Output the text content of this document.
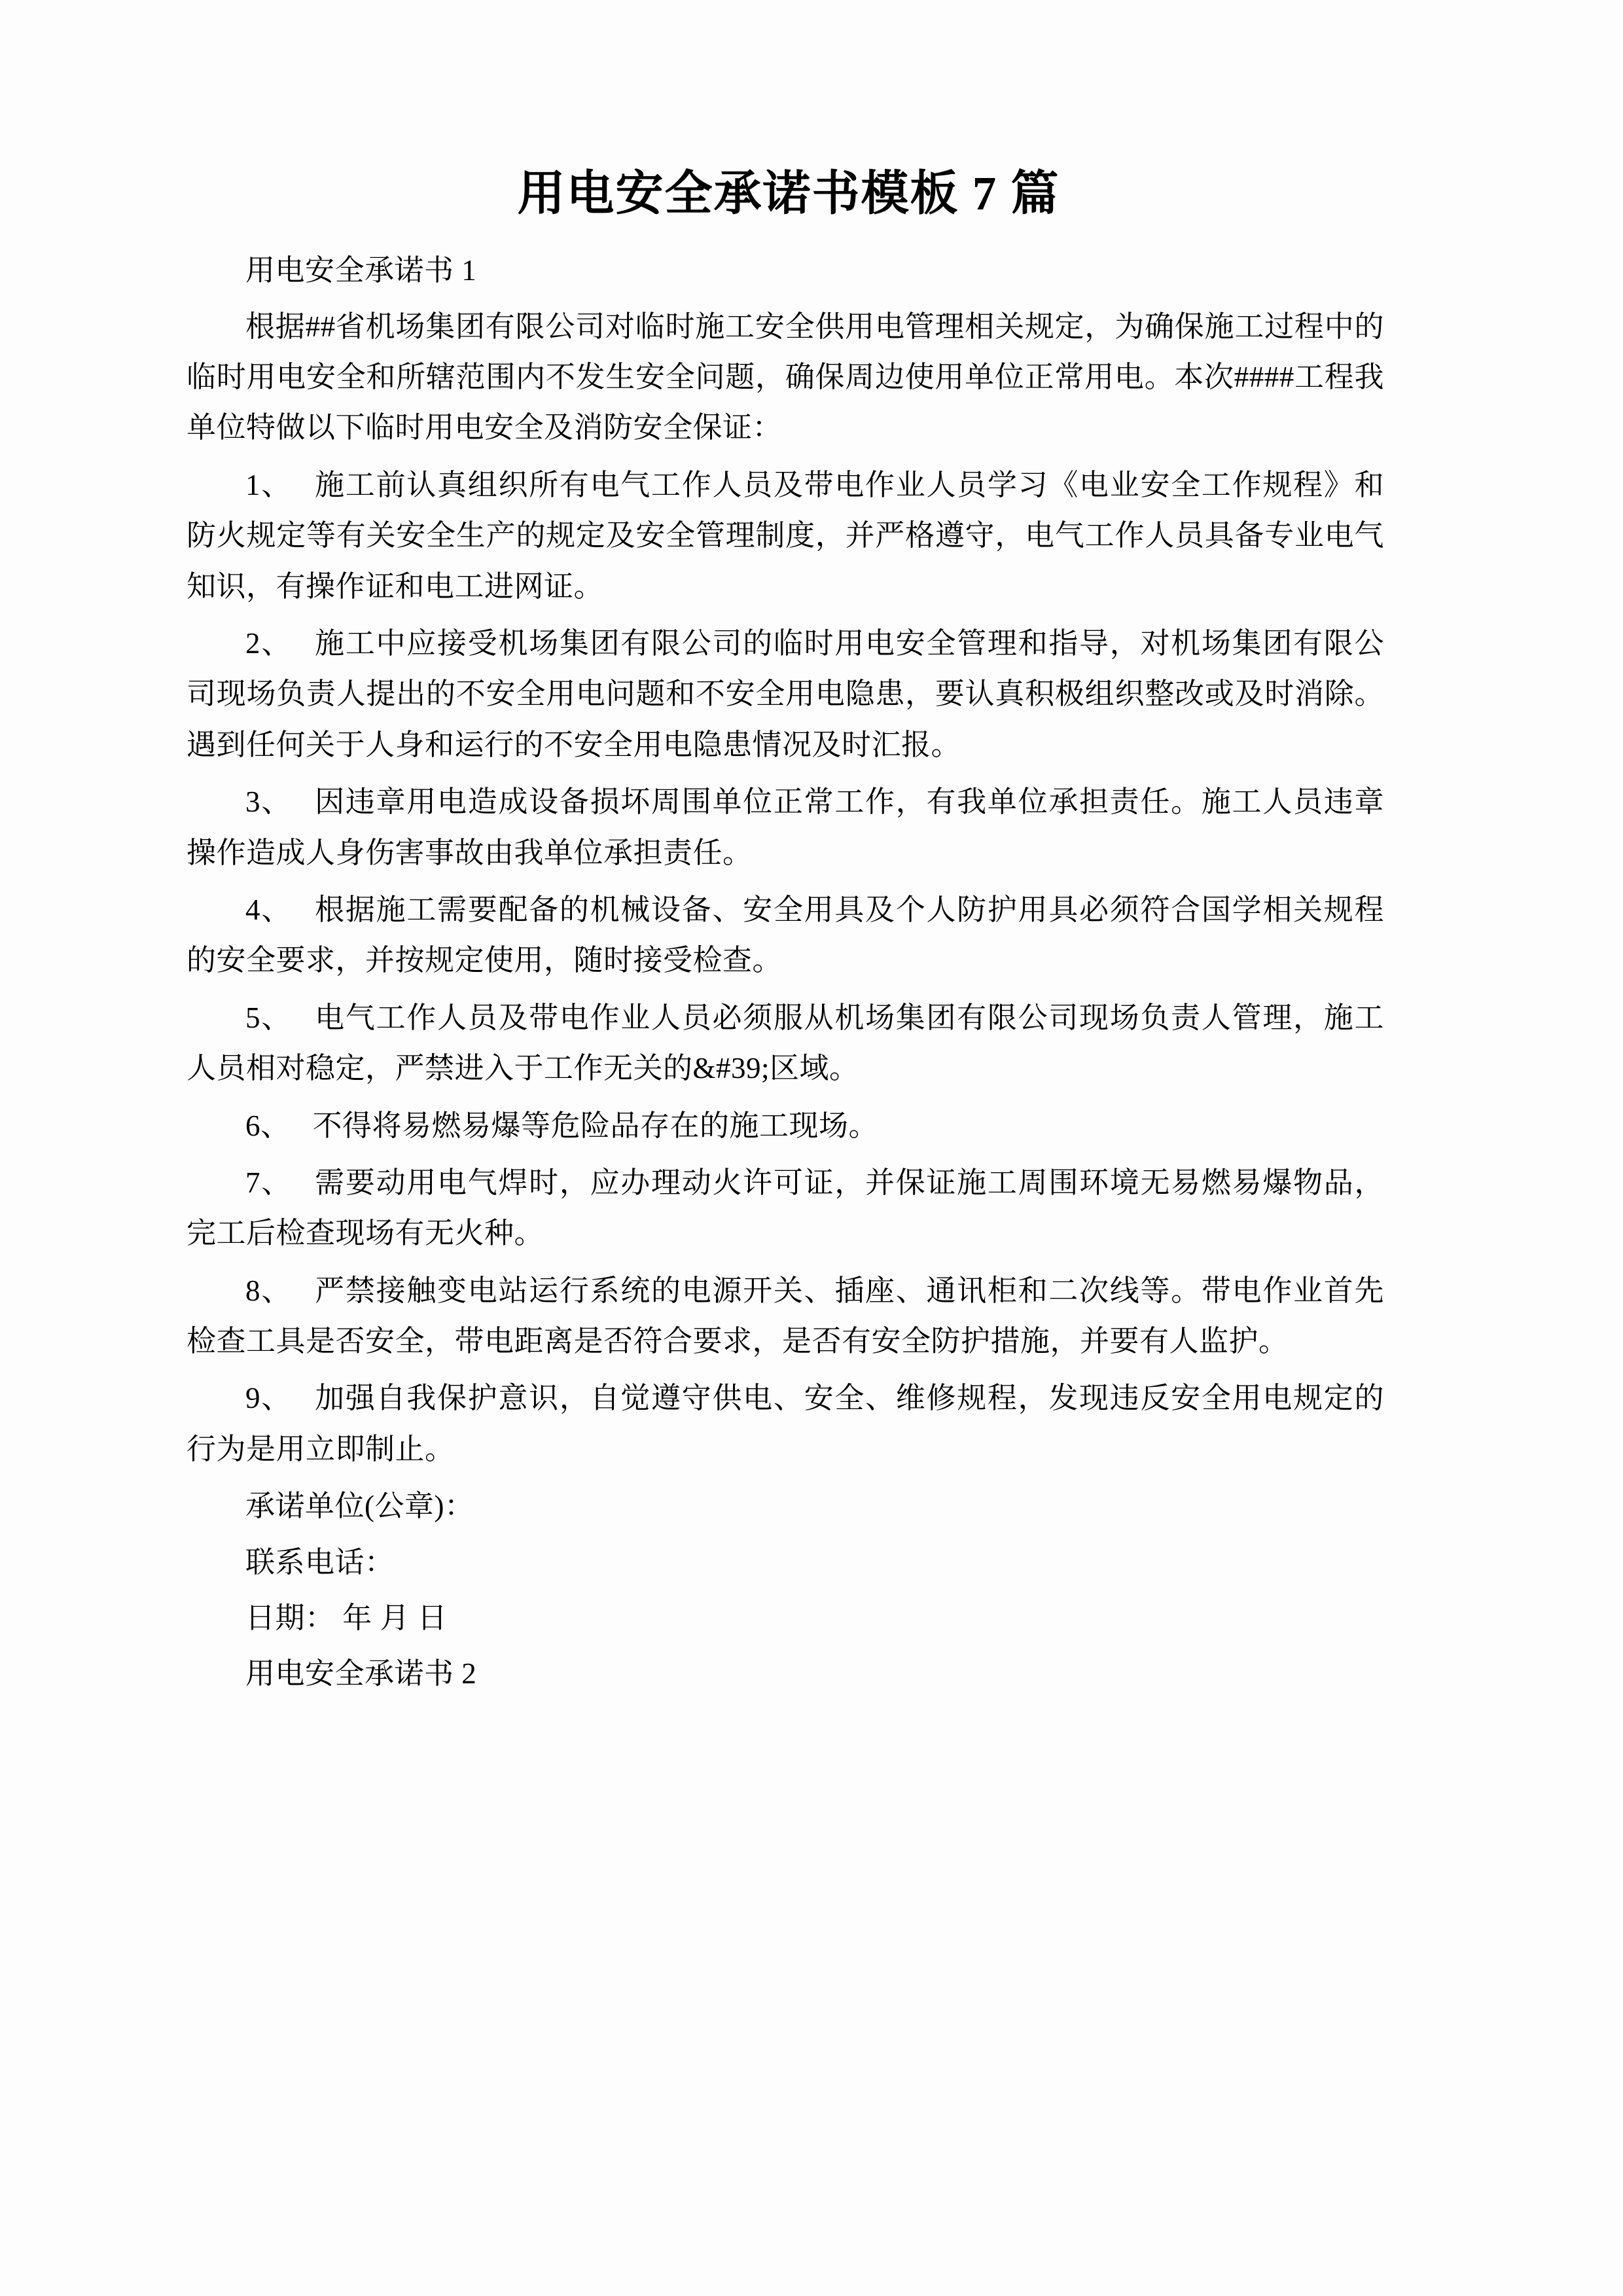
用电安全承诺书模板 7 篇

用电安全承诺书 1

根据##省机场集团有限公司对临时施工安全供用电管理相关规定，为确保施工过程中的临时用电安全和所辖范围内不发生安全问题，确保周边使用单位正常用电。本次####工程我单位特做以下临时用电安全及消防安全保证：

1、 施工前认真组织所有电气工作人员及带电作业人员学习《电业安全工作规程》和防火规定等有关安全生产的规定及安全管理制度，并严格遵守，电气工作人员具备专业电气知识，有操作证和电工进网证。

2、 施工中应接受机场集团有限公司的临时用电安全管理和指导，对机场集团有限公司现场负责人提出的不安全用电问题和不安全用电隐患，要认真积极组织整改或及时消除。遇到任何关于人身和运行的不安全用电隐患情况及时汇报。

3、 因违章用电造成设备损坏周围单位正常工作，有我单位承担责任。施工人员违章操作造成人身伤害事故由我单位承担责任。

4、 根据施工需要配备的机械设备、安全用具及个人防护用具必须符合国学相关规程的安全要求，并按规定使用，随时接受检查。

5、 电气工作人员及带电作业人员必须服从机场集团有限公司现场负责人管理，施工人员相对稳定，严禁进入于工作无关的&#39;区域。

6、 不得将易燃易爆等危险品存在的施工现场。

7、 需要动用电气焊时，应办理动火许可证，并保证施工周围环境无易燃易爆物品，完工后检查现场有无火种。

8、 严禁接触变电站运行系统的电源开关、插座、通讯柜和二次线等。带电作业首先检查工具是否安全，带电距离是否符合要求，是否有安全防护措施，并要有人监护。

9、 加强自我保护意识，自觉遵守供电、安全、维修规程，发现违反安全用电规定的行为是用立即制止。

承诺单位(公章)：

联系电话：

日期： 年 月 日

用电安全承诺书 2
